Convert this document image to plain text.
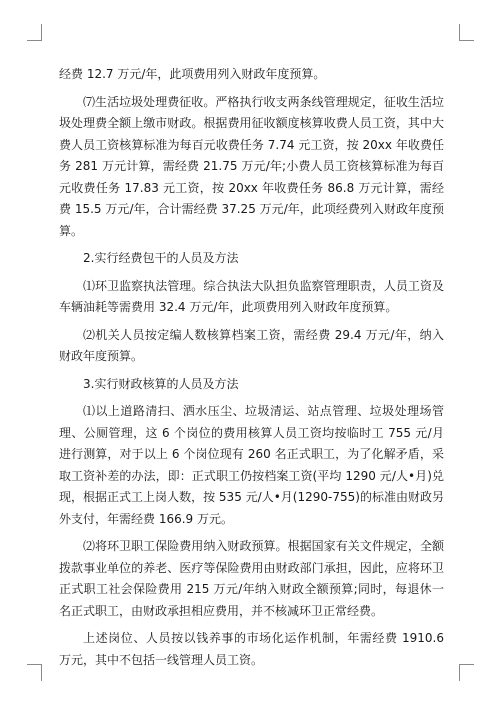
经费 12.7 万元/年，此项费用列入财政年度预算。

⑺生活垃圾处理费征收。严格执行收支两条线管理规定，征收生活垃圾处理费全额上缴市财政。根据费用征收额度核算收费人员工资，其中大费人员工资核算标准为每百元收费任务 7.74 元工资，按 20xx 年收费任务 281 万元计算，需经费 21.75 万元/年;小费人员工资核算标准为每百元收费任务 17.83 元工资，按 20xx 年收费任务 86.8 万元计算，需经费 15.5 万元/年，合计需经费 37.25 万元/年，此项经费列入财政年度预算。

2.实行经费包干的人员及方法

⑴环卫监察执法管理。综合执法大队担负监察管理职责，人员工资及车辆油耗等需费用 32.4 万元/年，此项费用列入财政年度预算。

⑵机关人员按定编人数核算档案工资，需经费 29.4 万元/年，纳入财政年度预算。

3.实行财政核算的人员及方法

⑴以上道路清扫、洒水压尘、垃圾清运、站点管理、垃圾处理场管理、公厕管理，这 6 个岗位的费用核算人员工资均按临时工 755 元/月进行测算，对于以上 6 个岗位现有 260 名正式职工，为了化解矛盾，采取工资补差的办法，即：正式职工仍按档案工资(平均 1290 元/人•月)兑现，根据正式工上岗人数，按 535 元/人•月(1290-755)的标准由财政另外支付，年需经费 166.9 万元。

⑵将环卫职工保险费用纳入财政预算。根据国家有关文件规定，全额拨款事业单位的养老、医疗等保险费用由财政部门承担，因此，应将环卫正式职工社会保险费用 215 万元/年纳入财政全额预算;同时，每退休一名正式职工，由财政承担相应费用，并不核减环卫正常经费。

上述岗位、人员按以钱养事的市场化运作机制，年需经费 1910.6 万元，其中不包括一线管理人员工资。
